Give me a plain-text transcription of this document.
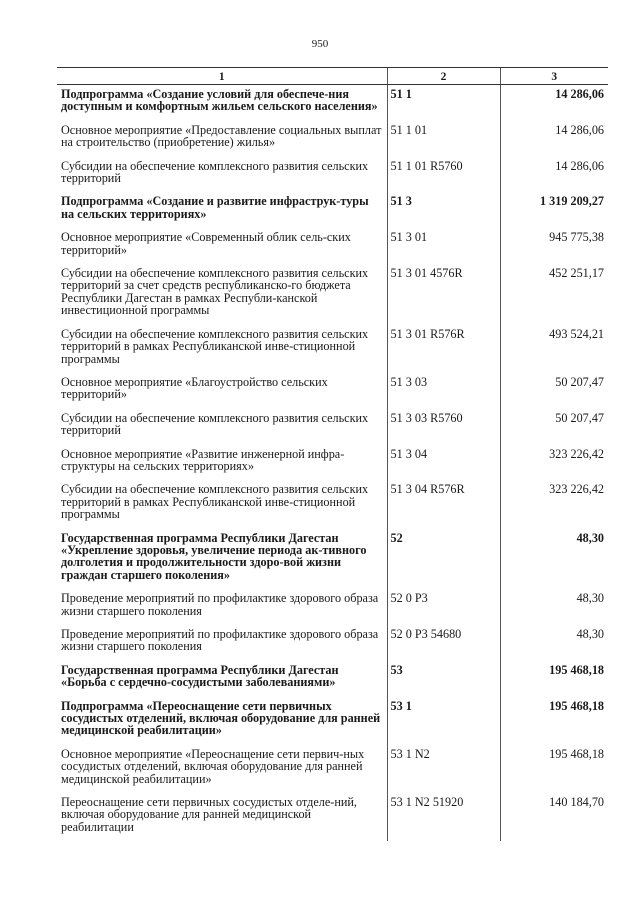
950
1	2	3
Подпрограмма «Создание условий для обеспече-ния доступным и комфортным жильем сельского населения»	51 1	14 286,06
Основное мероприятие «Предоставление социальных выплат на строительство (приобретение) жилья»	51 1 01	14 286,06
Субсидии на обеспечение комплексного развития сельских территорий	51 1 01 R5760	14 286,06
Подпрограмма «Создание и развитие инфраструк-туры на сельских территориях»	51 3	1 319 209,27
Основное мероприятие «Современный облик сель-ских территорий»	51 3 01	945 775,38
Субсидии на обеспечение комплексного развития сельских территорий за счет средств республиканско-го бюджета Республики Дагестан в рамках Республи-канской инвестиционной программы	51 3 01 4576R	452 251,17
Субсидии на обеспечение комплексного развития сельских территорий в рамках Республиканской инве-стиционной программы	51 3 01 R576R	493 524,21
Основное мероприятие «Благоустройство сельских территорий»	51 3 03	50 207,47
Субсидии на обеспечение комплексного развития сельских территорий	51 3 03 R5760	50 207,47
Основное мероприятие «Развитие инженерной инфра-структуры на сельских территориях»	51 3 04	323 226,42
Субсидии на обеспечение комплексного развития сельских территорий в рамках Республиканской инве-стиционной программы	51 3 04 R576R	323 226,42
Государственная программа Республики Дагестан «Укрепление здоровья, увеличение периода ак-тивного долголетия и продолжительности здоро-вой жизни граждан старшего поколения»	52	48,30
Проведение мероприятий по профилактике здорового образа жизни старшего поколения	52 0 P3	48,30
Проведение мероприятий по профилактике здорового образа жизни старшего поколения	52 0 P3 54680	48,30
Государственная программа Республики Дагестан «Борьба с сердечно-сосудистыми заболеваниями»	53	195 468,18
Подпрограмма «Переоснащение сети первичных сосудистых отделений, включая оборудование для ранней медицинской реабилитации»	53 1	195 468,18
Основное мероприятие «Переоснащение сети первич-ных сосудистых отделений, включая оборудование для ранней медицинской реабилитации»	53 1 N2	195 468,18
Переоснащение сети первичных сосудистых отделе-ний, включая оборудование для ранней медицинской реабилитации	53 1 N2 51920	140 184,70
